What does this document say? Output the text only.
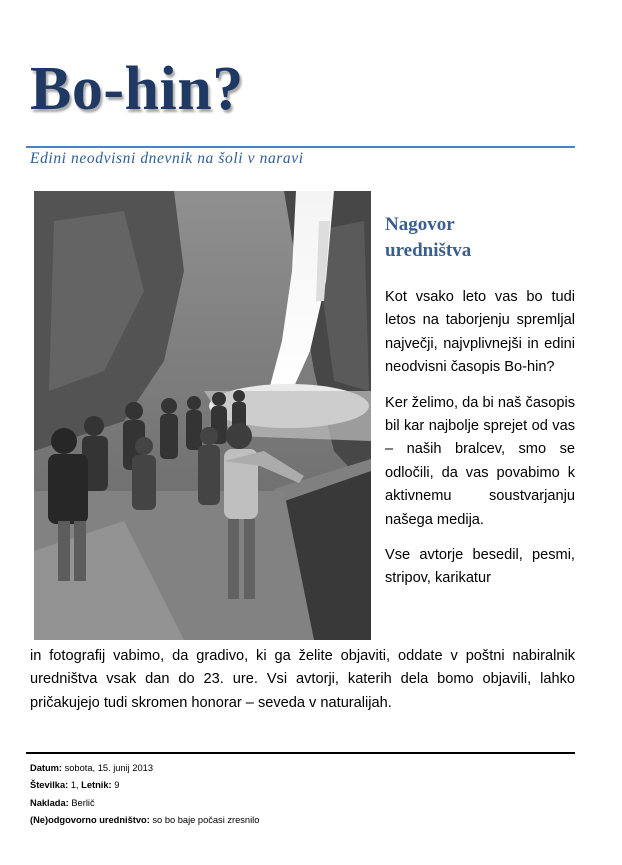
Bo-hin?
Edini neodvisni dnevnik na šoli v naravi
Nagovor
uredništva

Kot vsako leto vas bo tudi letos na taborjenju spremljal največji, najvplivnejši in edini neodvisni časopis Bo-hin?

Ker želimo, da bi naš časopis bil kar najbolje sprejet od vas – naših bralcev, smo se odločili, da vas povabimo k aktivnemu soustvarjanju našega medija.

Vse avtorje besedil, pesmi, stripov, karikatur

in fotografij vabimo, da gradivo, ki ga želite objaviti, oddate v poštni nabiralnik uredništva vsak dan do 23. ure. Vsi avtorji, katerih dela bomo objavili, lahko pričakujejo tudi skromen honorar – seveda v naturalijah.
Datum: sobota, 15. junij 2013
Številka: 1, Letnik: 9
Naklada: Berlič
(Ne)odgovorno uredništvo: so bo baje počasi zresnilo
